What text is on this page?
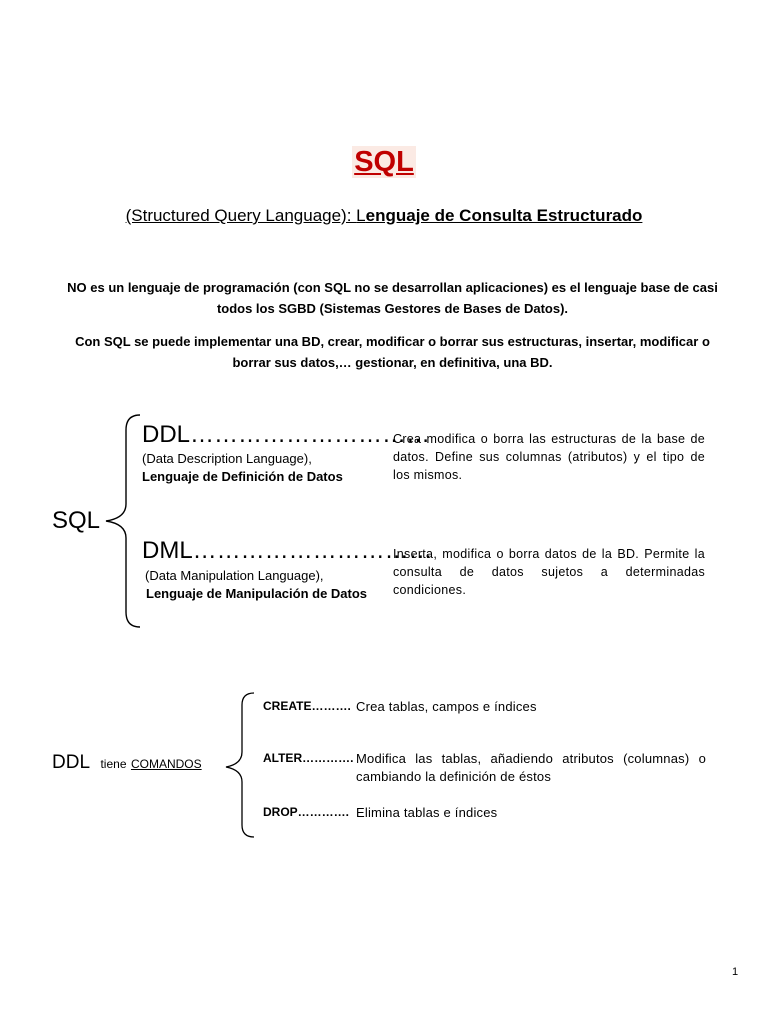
SQL
(Structured Query Language): Lenguaje de Consulta Estructurado
NO es un lenguaje de programación (con SQL no se desarrollan aplicaciones) es el lenguaje base de casi todos los SGBD (Sistemas Gestores de Bases de Datos).
Con SQL se puede implementar una BD, crear, modificar o borrar sus estructuras, insertar, modificar o borrar sus datos,… gestionar, en definitiva, una BD.
SQL
DDL…………………………
(Data Description Language),
Lenguaje de Definición de Datos
Crea modifica o borra las estructuras de la base de datos. Define sus columnas (atributos) y el tipo de los mismos.
DML…………………………
(Data Manipulation Language),
Lenguaje de Manipulación de Datos
Inserta, modifica o borra datos de la BD. Permite la consulta de datos sujetos a determinadas condiciones.
DDL tiene COMANDOS
CREATE………. Crea tablas, campos e índices
ALTER…………. Modifica las tablas, añadiendo atributos (columnas) o cambiando la definición de éstos
DROP…………. Elimina tablas e índices
1
